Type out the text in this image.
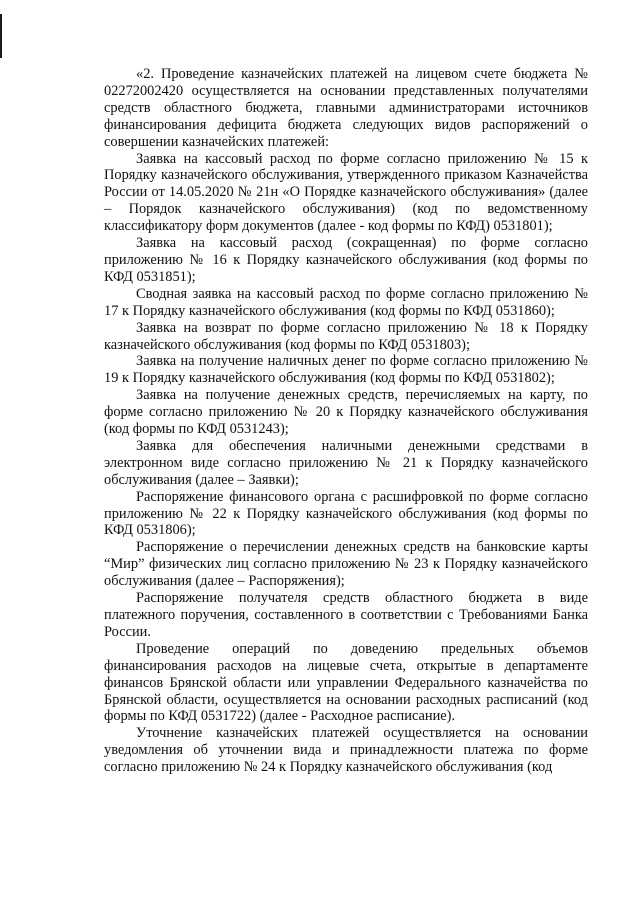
«2. Проведение казначейских платежей на лицевом счете бюджета № 02272002420 осуществляется на основании представленных получателями средств областного бюджета, главными администраторами источников финансирования дефицита бюджета следующих видов распоряжений о совершении казначейских платежей:

Заявка на кассовый расход по форме согласно приложению № 15 к Порядку казначейского обслуживания, утвержденного приказом Казначейства России от 14.05.2020 № 21н «О Порядке казначейского обслуживания» (далее – Порядок казначейского обслуживания) (код по ведомственному классификатору форм документов (далее - код формы по КФД) 0531801);

Заявка на кассовый расход (сокращенная) по форме согласно приложению № 16 к Порядку казначейского обслуживания (код формы по КФД 0531851);

Сводная заявка на кассовый расход по форме согласно приложению № 17 к Порядку казначейского обслуживания (код формы по КФД 0531860);

Заявка на возврат по форме согласно приложению № 18 к Порядку казначейского обслуживания (код формы по КФД 0531803);

Заявка на получение наличных денег по форме согласно приложению № 19 к Порядку казначейского обслуживания (код формы по КФД 0531802);

Заявка на получение денежных средств, перечисляемых на карту, по форме согласно приложению № 20 к Порядку казначейского обслуживания (код формы по КФД 0531243);

Заявка для обеспечения наличными денежными средствами в электронном виде согласно приложению № 21 к Порядку казначейского обслуживания (далее – Заявки);

Распоряжение финансового органа с расшифровкой по форме согласно приложению № 22 к Порядку казначейского обслуживания (код формы по КФД 0531806);

Распоряжение о перечислении денежных средств на банковские карты “Мир” физических лиц согласно приложению № 23 к Порядку казначейского обслуживания (далее – Распоряжения);

Распоряжение получателя средств областного бюджета в виде платежного поручения, составленного в соответствии с Требованиями Банка России.

Проведение операций по доведению предельных объемов финансирования расходов на лицевые счета, открытые в департаменте финансов Брянской области или управлении Федерального казначейства по Брянской области, осуществляется на основании расходных расписаний (код формы по КФД 0531722) (далее - Расходное расписание).

Уточнение казначейских платежей осуществляется на основании уведомления об уточнении вида и принадлежности платежа по форме согласно приложению № 24 к Порядку казначейского обслуживания (код
